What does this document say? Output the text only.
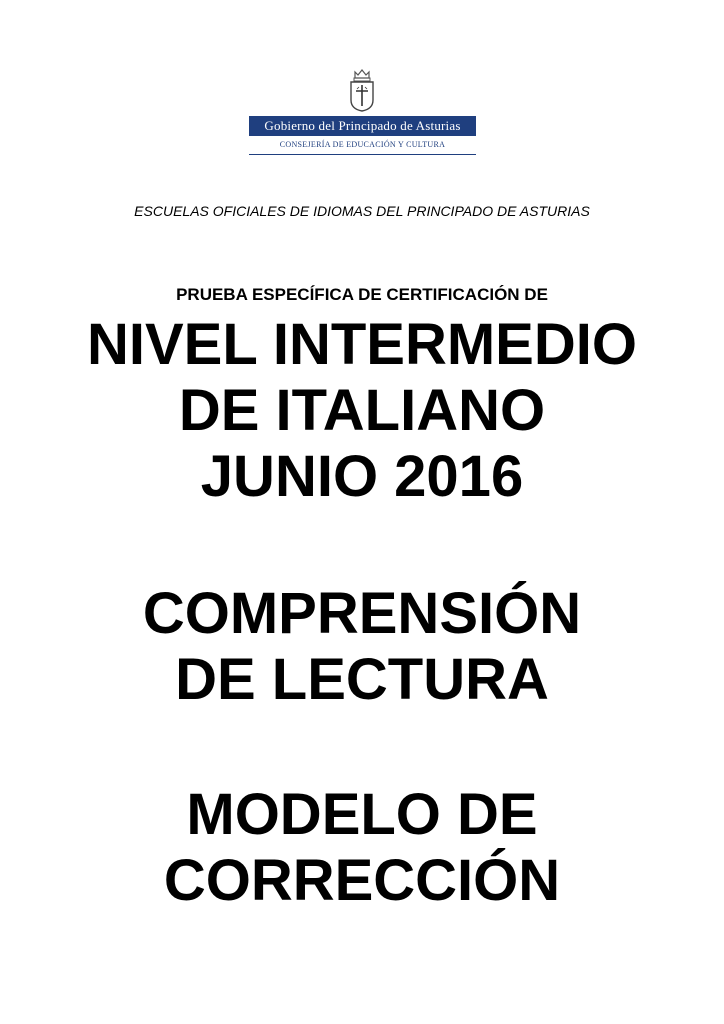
Gobierno del Principado de Asturias
CONSEJERÍA DE EDUCACIÓN Y CULTURA
ESCUELAS OFICIALES DE IDIOMAS DEL PRINCIPADO DE ASTURIAS
PRUEBA ESPECÍFICA DE CERTIFICACIÓN DE
NIVEL INTERMEDIO
DE ITALIANO
JUNIO 2016
COMPRENSIÓN
DE LECTURA
MODELO DE
CORRECCIÓN
